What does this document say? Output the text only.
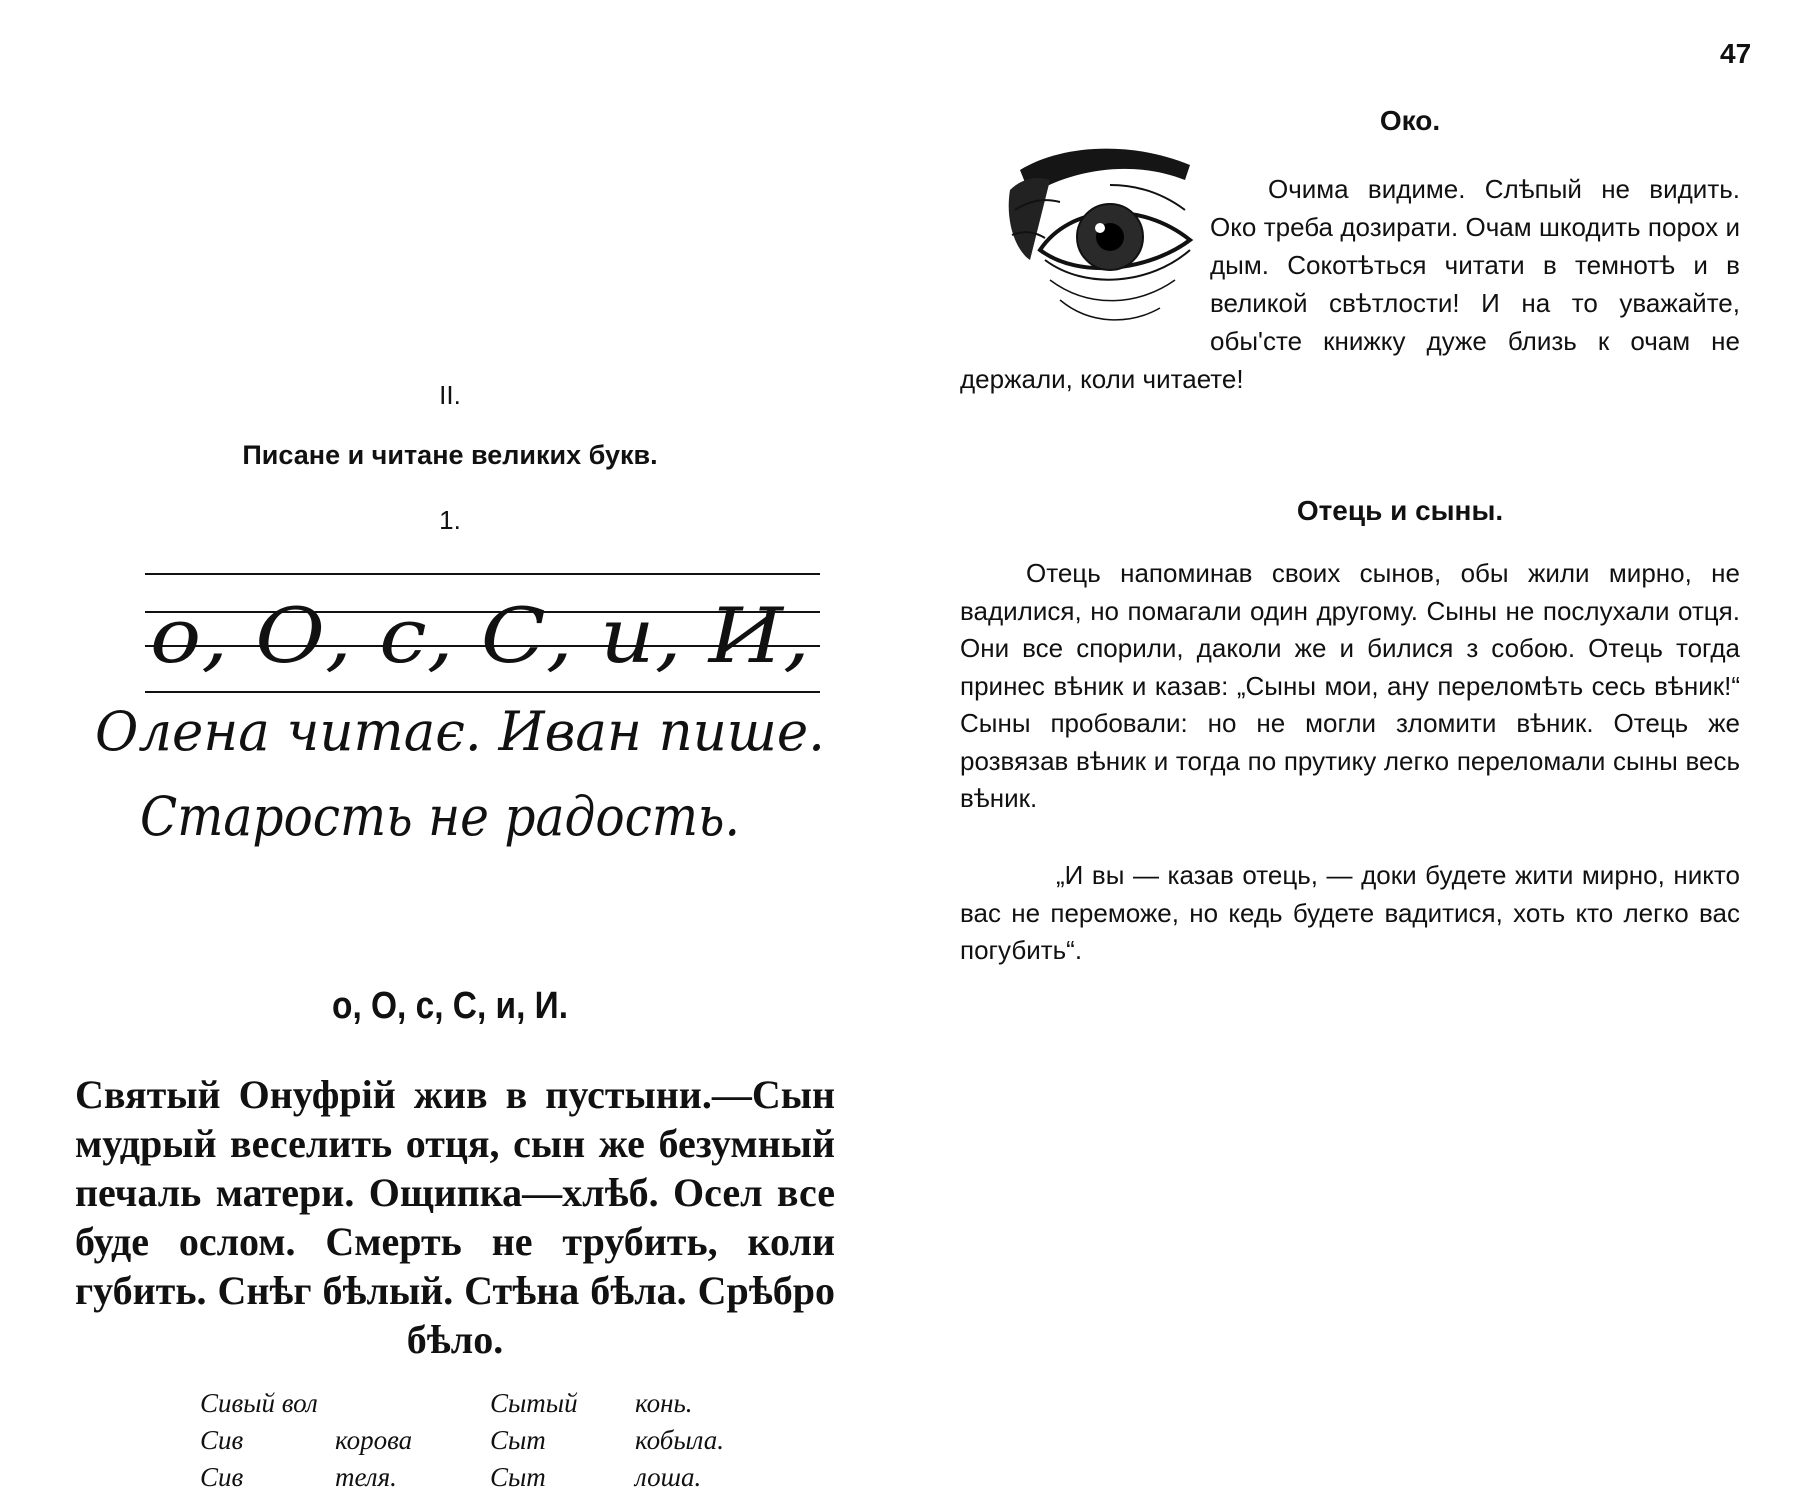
II.
Писане и читане великих букв.
1.
о, О, с, С, и, И,
Олена читає. Иван пише.
Старость не радость.
о, О, с, С, и, И.
Святый Онуфрій жив в пустыни.—Сын мудрый веселить отця, сын же безумный печаль матери. Ощипка—хлѣб. Осел все буде ослом. Смерть не трубить, коли губить. Снѣг бѣлый. Стѣна бѣла. Срѣбро бѣло.
Сивый вол		Сытый	конь.
Сив	корова	Сыт	кобыла.
Сив	теля.	Сыт	лоша.
47
Око.
Очима видиме. Слѣпый не видить. Око треба дозирати. Очам шкодить порох и дым. Сокотѣться читати в темнотѣ и в великой свѣтлости! И на то уважайте, обы'сте книжку дуже близь к очам не держали, коли читаете!
Отець и сыны.

Отець напоминав своих сынов, обы жили мирно, не вадилися, но помагали один другому. Сыны не послухали отця. Они все спорили, даколи же и билися з собою. Отець тогда принес вѣник и казав: „Сыны мои, ану переломѣть сесь вѣник!“ Сыны пробовали: но не могли зломити вѣник. Отець же розвязав вѣник и тогда по прутику легко переломали сыны весь вѣник.

„И вы — казав отець, — доки будете жити мирно, никто вас не переможе, но кедь будете вадитися, хоть кто легко вас погубить“.
